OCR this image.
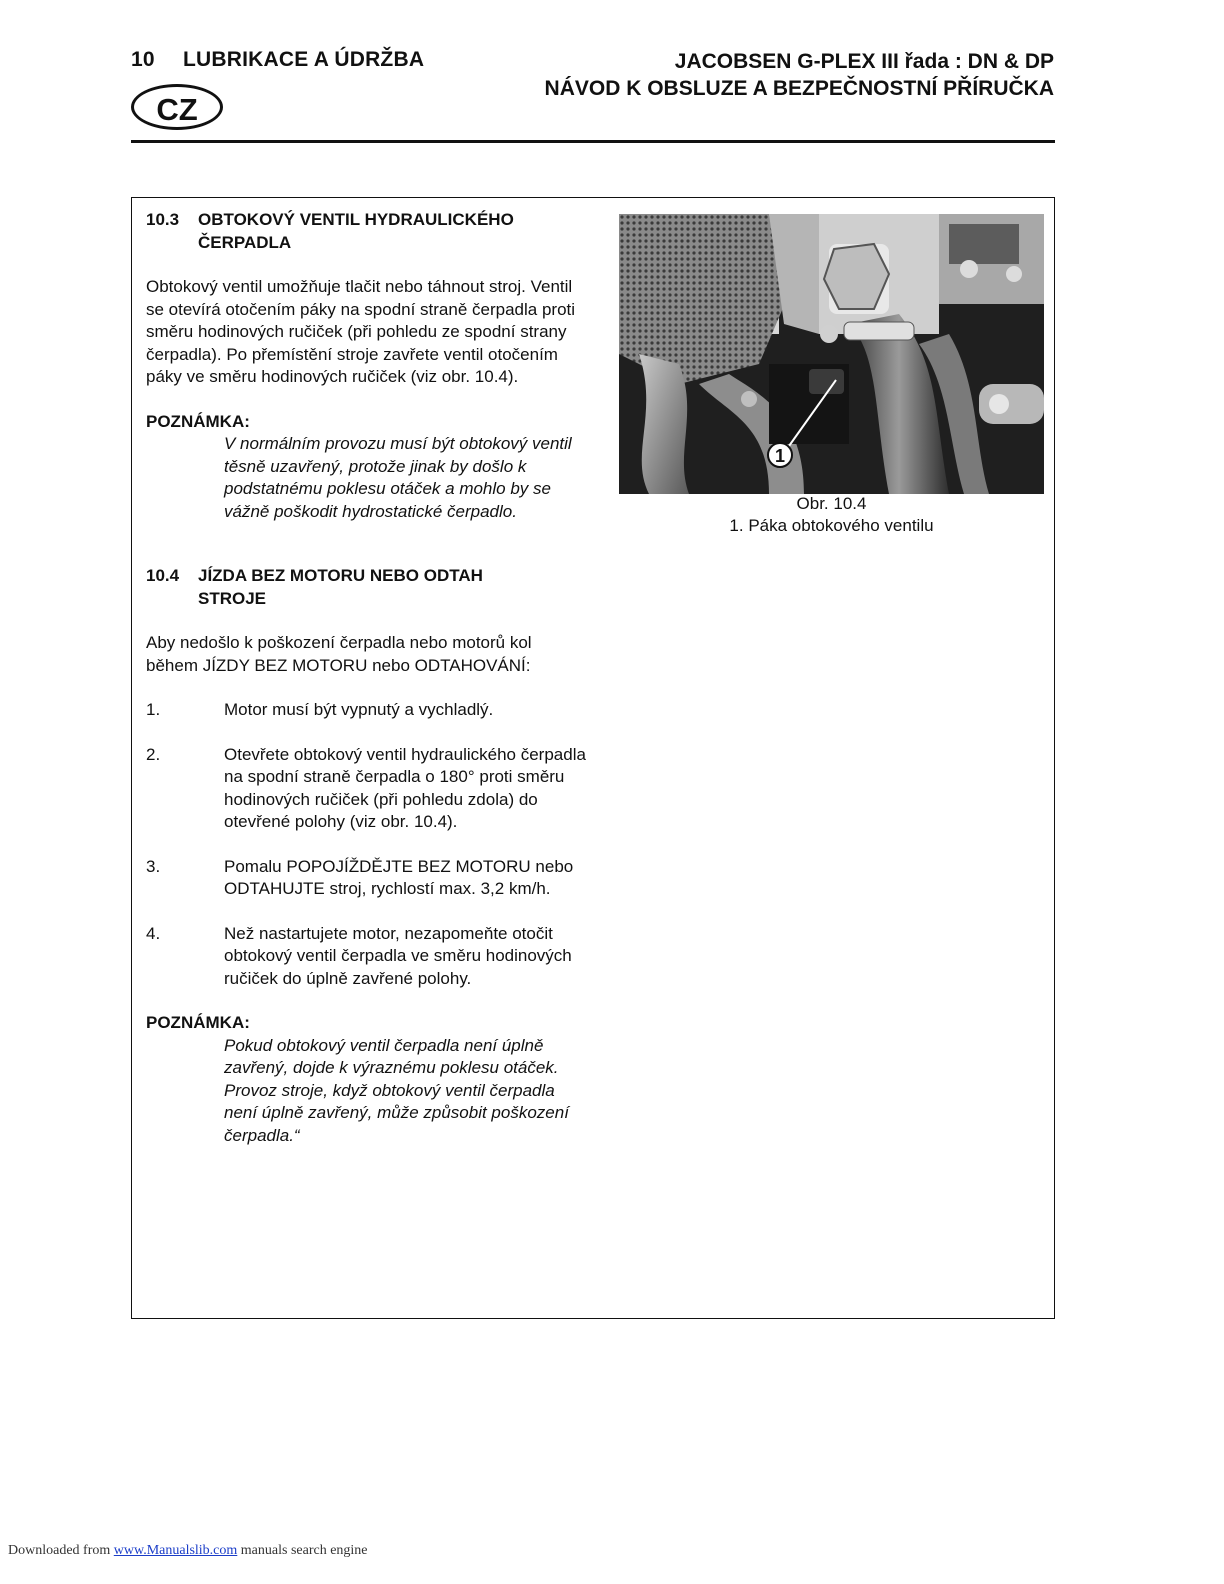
10 LUBRIKACE A ÚDRŽBA
CZ
JACOBSEN G-PLEX III řada : DN & DP
NÁVOD K OBSLUZE A BEZPEČNOSTNÍ PŘÍRUČKA
10.3	OBTOKOVÝ VENTIL HYDRAULICKÉHO
ČERPADLA

Obtokový ventil umožňuje tlačit nebo táhnout stroj. Ventil se otevírá otočením páky na spodní straně čerpadla proti směru hodinových ručiček (při pohledu ze spodní strany čerpadla). Po přemístění stroje zavřete ventil otočením páky ve směru hodinových ručiček (viz obr. 10.4).

POZNÁMKA:

V normálním provozu musí být obtokový ventil těsně uzavřený, protože jinak by došlo k podstatnému poklesu otáček a mohlo by se vážně poškodit hydrostatické čerpadlo.

10.4	JÍZDA BEZ MOTORU NEBO ODTAH
STROJE

Aby nedošlo k poškození čerpadla nebo motorů kol během JÍZDY BEZ MOTORU nebo ODTAHOVÁNÍ:

1.	Motor musí být vypnutý a vychladlý.
2.	Otevřete obtokový ventil hydraulického čerpadla na spodní straně čerpadla o 180° proti směru hodinových ručiček (při pohledu zdola) do otevřené polohy (viz obr. 10.4).
3.	Pomalu POPOJÍŽDĚJTE BEZ MOTORU nebo ODTAHUJTE stroj, rychlostí max. 3,2 km/h.
4.	Než nastartujete motor, nezapomeňte otočit obtokový ventil čerpadla ve směru hodinových ručiček do úplně zavřené polohy.

POZNÁMKA:

Pokud obtokový ventil čerpadla není úplně zavřený, dojde k výraznému poklesu otáček. Provoz stroje, když obtokový ventil čerpadla není úplně zavřený, může způsobit poškození čerpadla.“

1
Obr. 10.4
1. Páka obtokového ventilu
Downloaded from www.Manualslib.com manuals search engine
